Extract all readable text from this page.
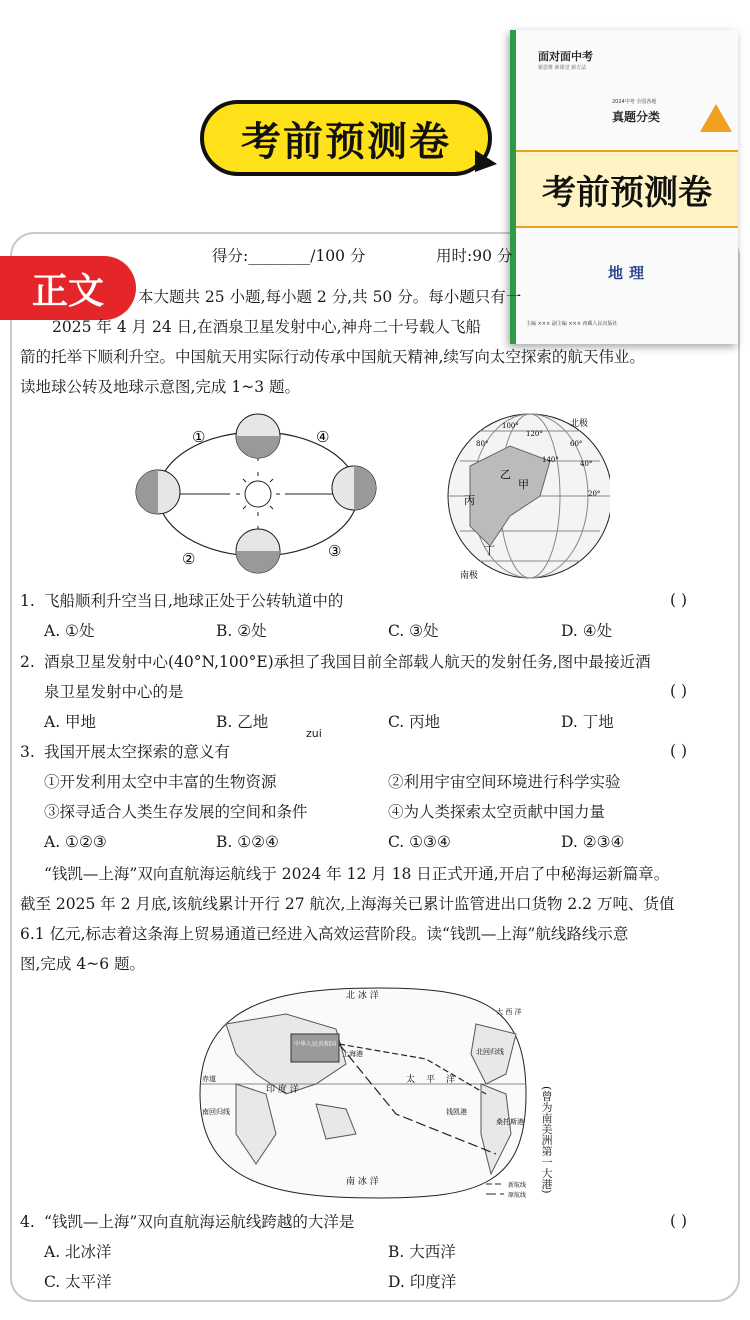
考前预测卷
面对面中考
新思维 新课堂 新方法
2024中考 全国各地
真题分类
考前预测卷
地理
主编 ××× 副主编 ××× 西藏人民出版社
正文
得分:________/100 分	用时:90 分
本大题共 25 小题,每小题 2 分,共 50 分。每小题只有一
2025 年 4 月 24 日,在酒泉卫星发射中心,神舟二十号载人飞船
箭的托举下顺利升空。中国航天用实际行动传承中国航天精神,续写向太空探索的航天伟业。
读地球公转及地球示意图,完成 1~3 题。
①
②	③
④
北极
南极
甲
乙
丙
丁
140°
120°
100°
80°	60°
40°
20°
1. 飞船顺利升空当日,地球正处于公转轨道中的	( )
A. ①处	B. ②处	C. ③处	D. ④处
2. 酒泉卫星发射中心(40°N,100°E)承担了我国目前全部载人航天的发射任务,图中最接近酒
泉卫星发射中心的是	( )
A. 甲地	B. 乙地
zui
C. 丙地	D. 丁地
3. 我国开展太空探索的意义有	( )
①开发利用太空中丰富的生物资源	②利用宇宙空间环境进行科学实验
③探寻适合人类生存发展的空间和条件	④为人类探索太空贡献中国力量
A. ①②③	B. ①②④	C. ①③④	D. ②③④
“钱凯—上海”双向直航海运航线于 2024 年 12 月 18 日正式开通,开启了中秘海运新篇章。
截至 2025 年 2 月底,该航线累计开行 27 航次,上海海关已累计监管进出口货物 2.2 万吨、货值
6.1 亿元,标志着这条海上贸易通道已经进入高效运营阶段。读“钱凯—上海”航线路线示意
图,完成 4~6 题。
北 冰 洋
中华人民共和国
上海港
太 平 洋
钱凯港
赤道
印 度 洋
南回归线
北回归线
桑托斯港
南 冰 洋
大 西 洋
新航线
原航线
(曾为南美洲第一大港)
4. “钱凯—上海”双向直航海运航线跨越的大洋是	( )
A. 北冰洋	B. 大西洋
C. 太平洋	D. 印度洋
